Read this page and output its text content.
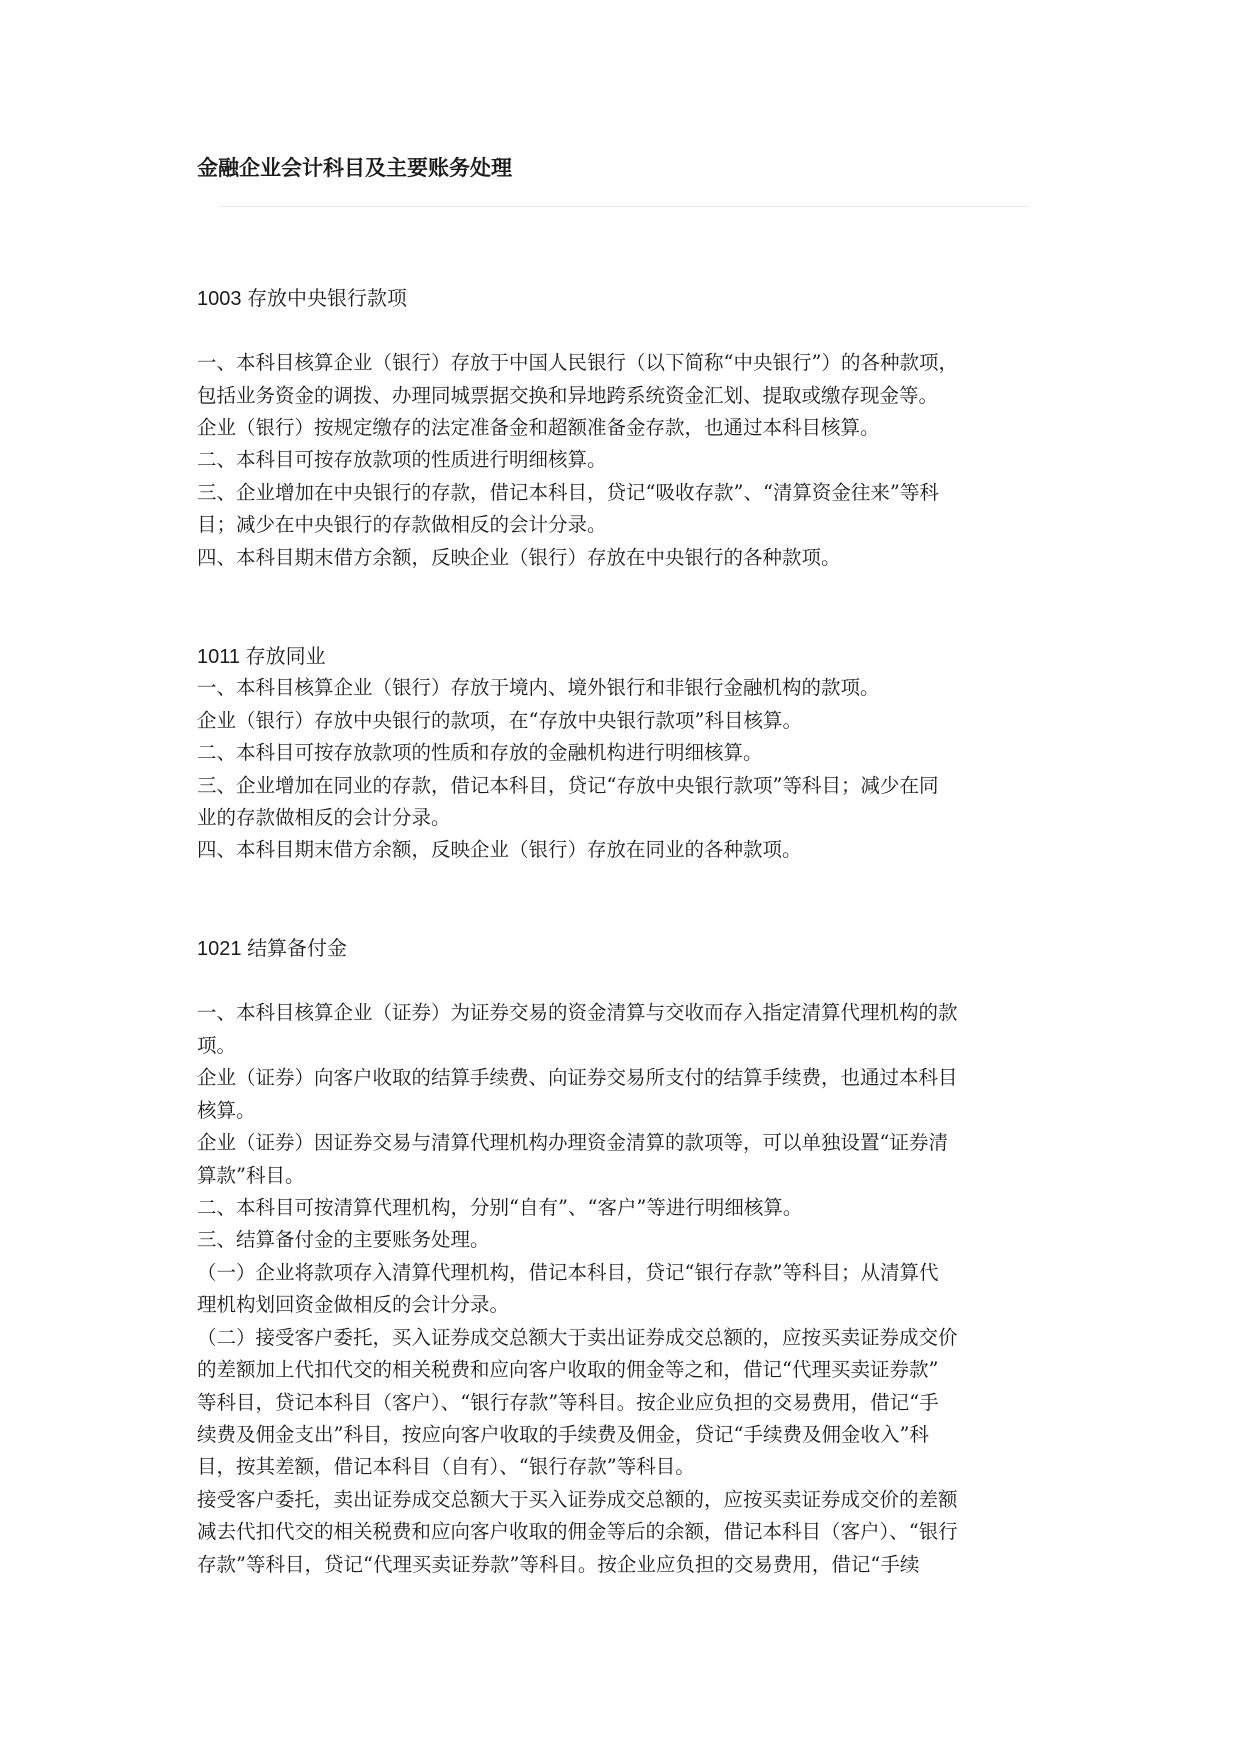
金融企业会计科目及主要账务处理
1003 存放中央银行款项
一、本科目核算企业（银行）存放于中国人民银行（以下简称“中央银行”）的各种款项，
包括业务资金的调拨、办理同城票据交换和异地跨系统资金汇划、提取或缴存现金等。
企业（银行）按规定缴存的法定准备金和超额准备金存款，也通过本科目核算。
二、本科目可按存放款项的性质进行明细核算。
三、企业增加在中央银行的存款，借记本科目，贷记“吸收存款”、“清算资金往来”等科
目；减少在中央银行的存款做相反的会计分录。
四、本科目期末借方余额，反映企业（银行）存放在中央银行的各种款项。
1011 存放同业
一、本科目核算企业（银行）存放于境内、境外银行和非银行金融机构的款项。
企业（银行）存放中央银行的款项，在“存放中央银行款项”科目核算。
二、本科目可按存放款项的性质和存放的金融机构进行明细核算。
三、企业增加在同业的存款，借记本科目，贷记“存放中央银行款项”等科目；减少在同
业的存款做相反的会计分录。
四、本科目期末借方余额，反映企业（银行）存放在同业的各种款项。
1021 结算备付金
一、本科目核算企业（证券）为证券交易的资金清算与交收而存入指定清算代理机构的款
项。
企业（证券）向客户收取的结算手续费、向证券交易所支付的结算手续费，也通过本科目
核算。
企业（证券）因证券交易与清算代理机构办理资金清算的款项等，可以单独设置“证券清
算款”科目。
二、本科目可按清算代理机构，分别“自有”、“客户”等进行明细核算。
三、结算备付金的主要账务处理。
（一）企业将款项存入清算代理机构，借记本科目，贷记“银行存款”等科目；从清算代
理机构划回资金做相反的会计分录。
（二）接受客户委托，买入证券成交总额大于卖出证券成交总额的，应按买卖证券成交价
的差额加上代扣代交的相关税费和应向客户收取的佣金等之和，借记“代理买卖证券款”
等科目，贷记本科目（客户）、“银行存款”等科目。按企业应负担的交易费用，借记“手
续费及佣金支出”科目，按应向客户收取的手续费及佣金，贷记“手续费及佣金收入”科
目，按其差额，借记本科目（自有）、“银行存款”等科目。
接受客户委托，卖出证券成交总额大于买入证券成交总额的，应按买卖证券成交价的差额
减去代扣代交的相关税费和应向客户收取的佣金等后的余额，借记本科目（客户）、“银行
存款”等科目，贷记“代理买卖证券款”等科目。按企业应负担的交易费用，借记“手续
